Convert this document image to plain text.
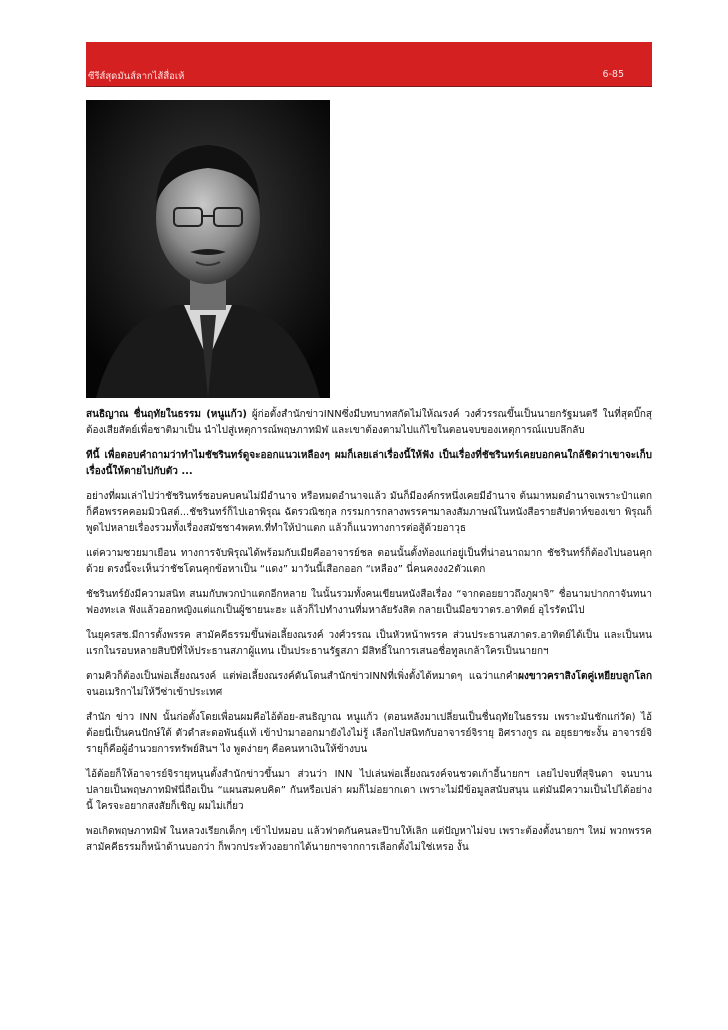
ซีรีส์สุดมันส์ลากไส้สื่อเห้	6-85

สนธิญาณ ชื่นฤทัยในธรรม (หนูแก้ว) ผู้ก่อตั้งสำนักข่าวINNซึ่งมีบทบาทสกัดไม่ให้ณรงค์ วงศ์วรรณขึ้นเป็นนายกรัฐมนตรี ในที่สุดบิ๊กสุต้องเสียสัตย์เพื่อชาติมาเป็น นำไปสู่เหตุการณ์พฤษภาทมิฬ และเขาต้องตามไปแก้ไขในตอนจบของเหตุการณ์แบบลึกลับ

ทีนี้ เพื่อตอบคำถามว่าทำไมชัชรินทร์ดูจะออกแนวเหลืองๆ ผมก็เลยเล่าเรื่องนี้ให้ฟัง เป็นเรื่องที่ชัชรินทร์เคยบอกคนใกล้ชิดว่าเขาจะเก็บเรื่องนี้ให้ตายไปกับตัว ...

อย่างที่ผมเล่าไปว่าชัชรินทร์ชอบคบคนไม่มีอำนาจ หรือหมดอำนาจแล้ว มันก็มีองค์กรหนึ่งเคยมีอำนาจ ต้นมาหมดอำนาจเพราะป๋าแตก ก็คือพรรคคอมมิวนิสต์...ชัชรินทร์ก็ไปเอาพิรุณ ฉัตรวณิชกุล กรรมการกลางพรรคฯมาลงสัมภาษณ์ในหนังสือรายสัปดาห์ของเขา พิรุณก็พูดไปหลายเรื่องรวมทั้งเรื่องสมัชชา4พคท.ที่ทำให้ป่าแตก แล้วก็แนวทางการต่อสู้ด้วยอาวุธ

แต่ความซวยมาเยือน ทางการจับพิรุณได้พร้อมกับเมียคืออาจารย์ชล ตอนนั้นตั้งท้องแก่อยู่เป็นที่น่าอนาถมาก ชัชรินทร์ก็ต้องไปนอนคุกด้วย ตรงนี้จะเห็นว่าชัชโดนคุกข้อหาเป็น “แดง” มาวันนี้เสือกออก “เหลือง” นี่คนคงงง2ตัวแตก

ชัชรินทร์ยังมีความสนิท สนมกับพวกป่าแตกอีกหลาย ในนั้นรวมทั้งคนเขียนหนังสือเรื่อง “จากดอยยาวถึงภูผาจิ” ชื่อนามปากกาจันทนา ฟองทะเล ฟังแล้วออกหญิงแต่แกเป็นผู้ชายนะฮะ แล้วก็ไปทำงานที่มหาลัยรังสิต กลายเป็นมือขวาดร.อาทิตย์ อุไรรัตน์ไป

ในยุครสช.มีการตั้งพรรค สามัคคีธรรมขึ้นพ่อเลี้ยงณรงค์ วงศ์วรรณ เป็นหัวหน้าพรรค ส่วนประธานสภาดร.อาทิตย์ได้เป็น และเป็นหนแรกในรอบหลายสิบปีที่ให้ประธานสภาผู้แทน เป็นประธานรัฐสภา มีสิทธิ์ในการเสนอชื่อทูลเกล้าใครเป็นนายกฯ

ตามคิวก็ต้องเป็นพ่อเลี้ยงณรงค์ แต่พ่อเลี้ยงณรงค์ดันโดนสำนักข่าวINNที่เพิ่งตั้งได้หมาดๆ แฉว่าแกคำผงขาวคราสิงโตคู่เหยียบลูกโลก จนอเมริกาไม่ให้วีซ่าเข้าประเทศ

สำนัก ข่าว INN นั้นก่อตั้งโดยเพื่อนผมคือไอ้ต้อย-สนธิญาณ หนูแก้ว (ตอนหลังมาเปลี่ยนเป็นชื่นฤทัยในธรรม เพราะมันชักแก่วัด) ไอ้ต้อยนี่เป็นคนปักษ์ใต้ ตัวดำสะดอพันธุ์แท้ เข้าป่ามาออกมายังไงไม่รู้ เลือกไปสนิทกับอาจารย์จิรายุ อิศรางกูร ณ อยุธยาซะงั้น อาจารย์จิรายุก็คือผู้อำนวยการทรัพย์สินฯ ไง พูดง่ายๆ คือคนหาเงินให้ข้างบน

ไอ้ต้อยก็ให้อาจารย์จิรายุหนุนตั้งสำนักข่าวขึ้นมา ส่วนว่า INN ไปเล่นพ่อเลี้ยงณรงค์จนชวดเก้าอี้นายกฯ เลยไปจบที่สุจินดา จนบานปลายเป็นพฤษภาทมิฬนี่ถือเป็น “แผนสมคบคิด” กันหรือเปล่า ผมก็ไม่อยากเดา เพราะไม่มีข้อมูลสนับสนุน แต่มันมีความเป็นไปได้อย่างนี้ ใครจะอยากสงสัยก็เชิญ ผมไม่เกี่ยว

พอเกิดพฤษภาทมิฬ ในหลวงเรียกเด็กๆ เข้าไปหมอบ แล้วฟาดกันคนละป๊าบให้เลิก แต่ปัญหาไม่จบ เพราะต้องตั้งนายกฯ ใหม่ พวกพรรคสามัคคีธรรมก็หน้าด้านบอกว่า ก็พวกประท้วงอยากได้นายกฯจากการเลือกตั้งไม่ใช่เหรอ งั้น
